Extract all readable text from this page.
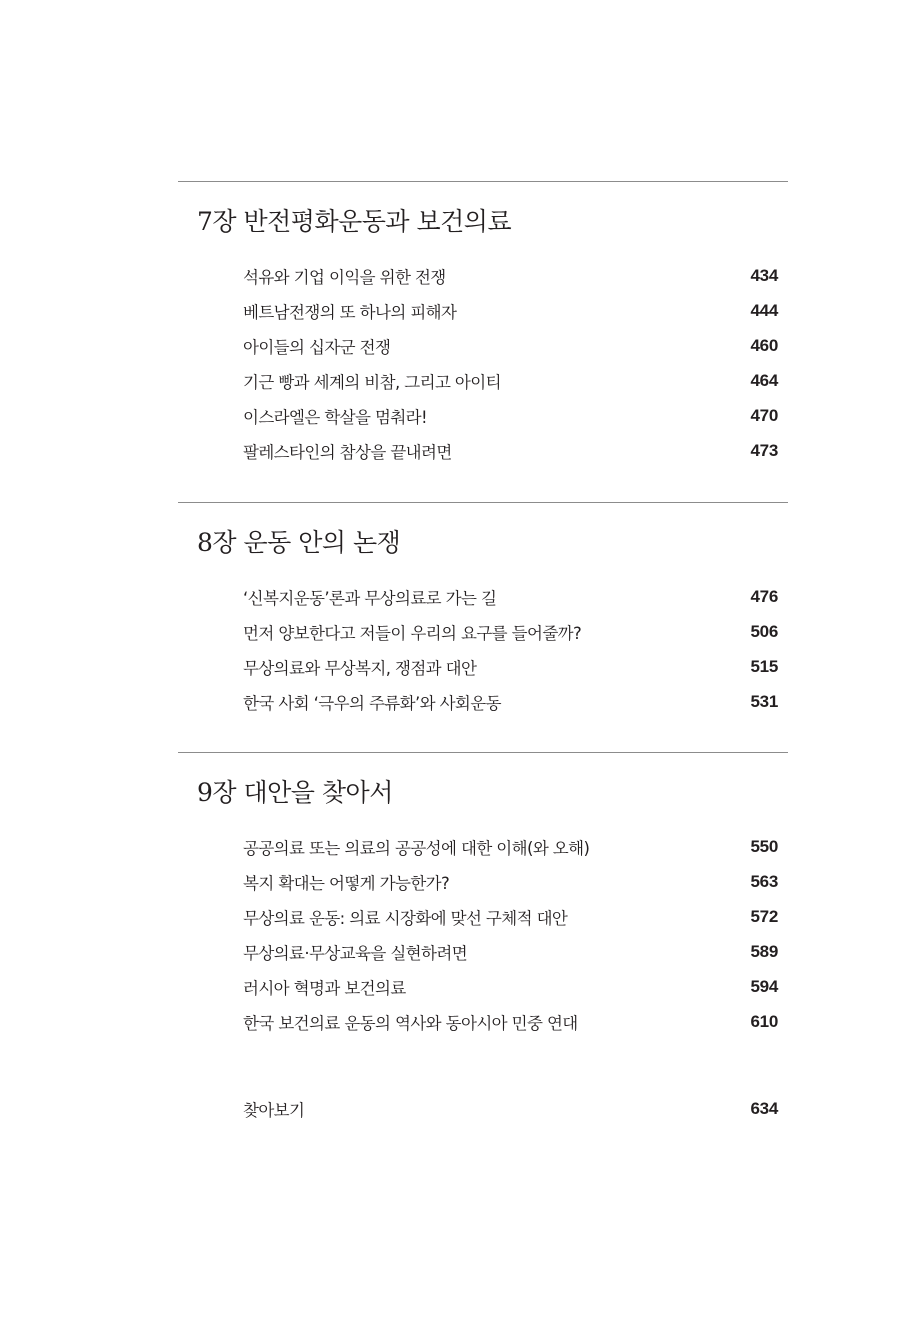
7장 반전평화운동과 보건의료
석유와 기업 이익을 위한 전쟁	434
베트남전쟁의 또 하나의 피해자	444
아이들의 십자군 전쟁	460
기근 빵과 세계의 비참, 그리고 아이티	464
이스라엘은 학살을 멈춰라!	470
팔레스타인의 참상을 끝내려면	473
8장 운동 안의 논쟁
‘신복지운동’론과 무상의료로 가는 길	476
먼저 양보한다고 저들이 우리의 요구를 들어줄까?	506
무상의료와 무상복지, 쟁점과 대안	515
한국 사회 ‘극우의 주류화’와 사회운동	531
9장 대안을 찾아서
공공의료 또는 의료의 공공성에 대한 이해(와 오해)	550
복지 확대는 어떻게 가능한가?	563
무상의료 운동: 의료 시장화에 맞선 구체적 대안	572
무상의료·무상교육을 실현하려면	589
러시아 혁명과 보건의료	594
한국 보건의료 운동의 역사와 동아시아 민중 연대	610
찾아보기	634
